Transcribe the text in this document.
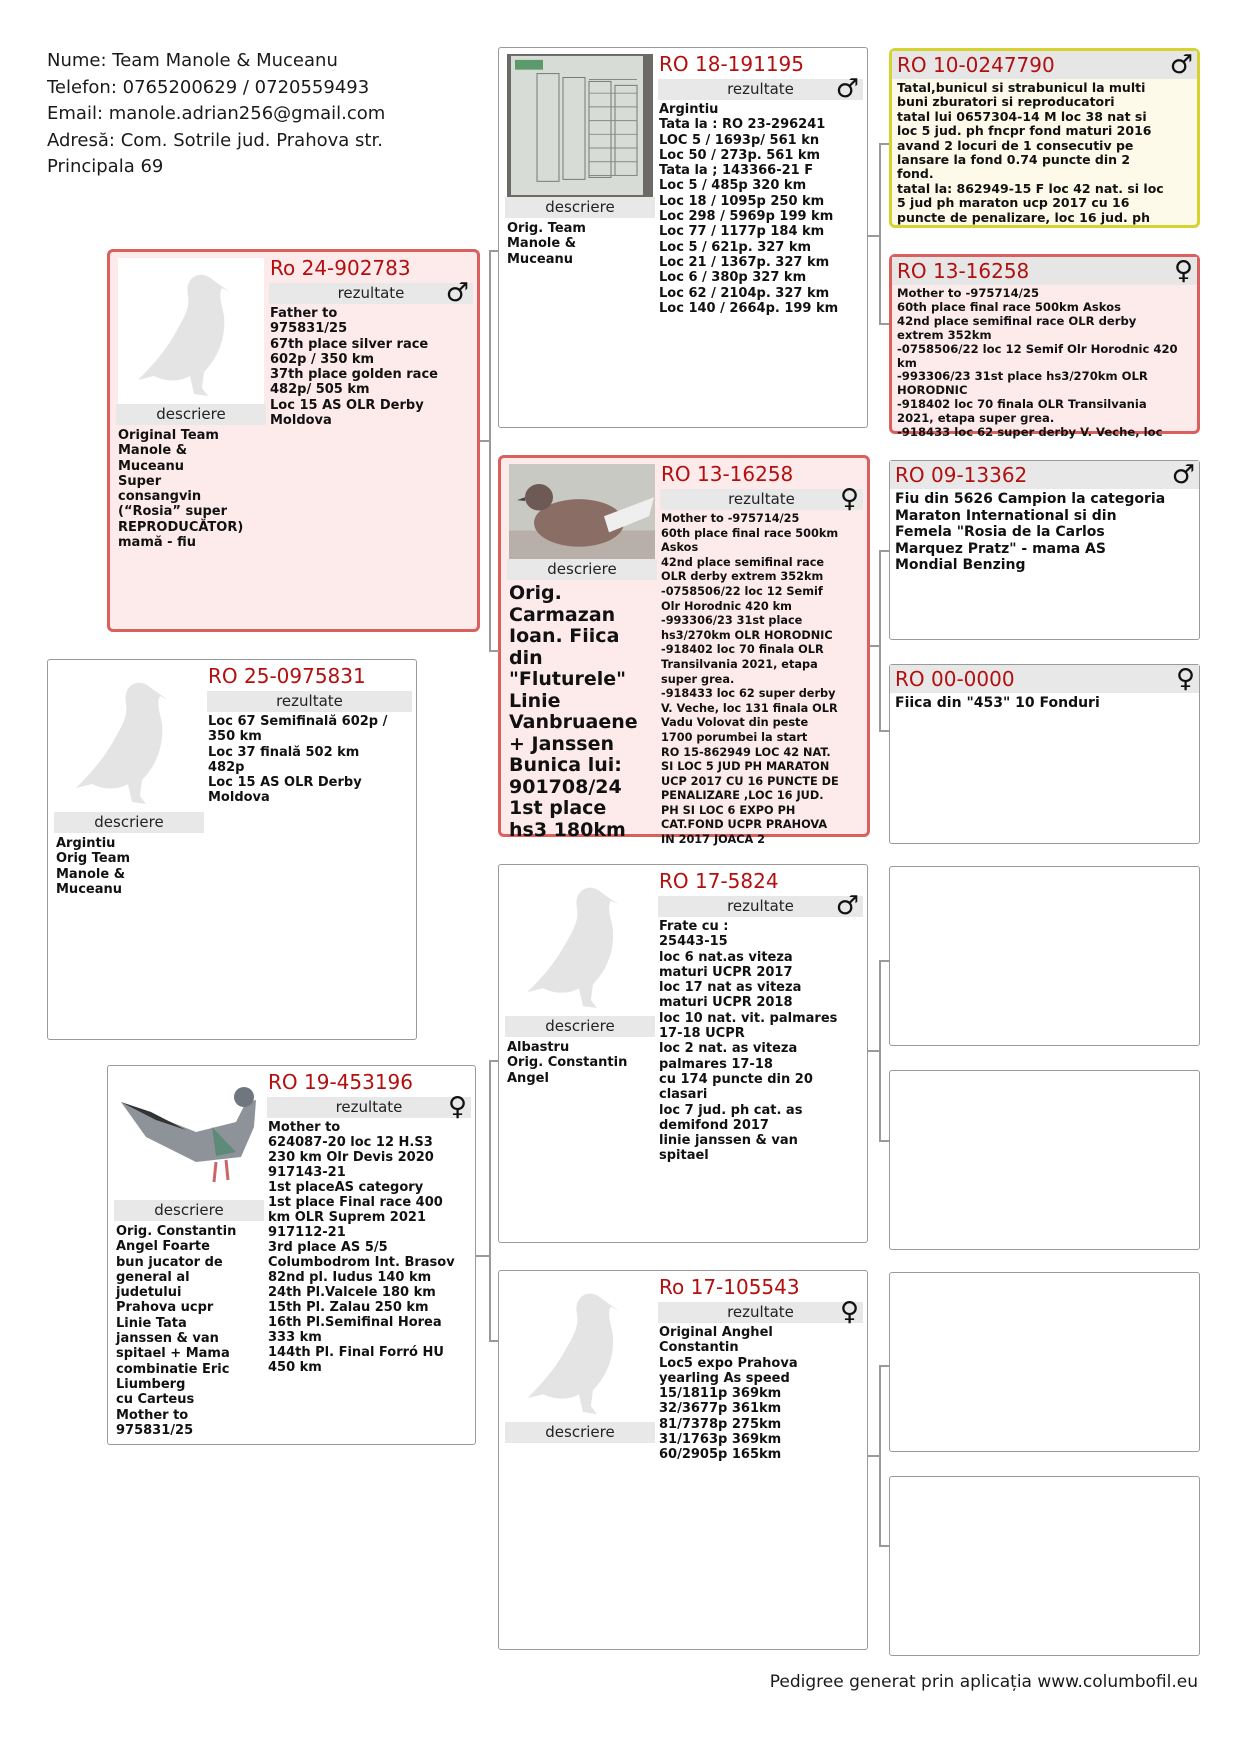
Nume: Team Manole & Muceanu
Telefon: 0765200629 / 0720559493
Email: manole.adrian256@gmail.com
Adresă: Com. Sotrile jud. Prahova str. Principala 69
Pedigree generat prin aplicația www.columbofil.eu
descriere
Original Team
Manole &
Muceanu
Super
consangvin
(“Rosia” super
REPRODUCĂTOR)
mamă - fiu
Ro 24-902783
rezultate ♂
Father to
975831/25
67th place silver race
602p / 350 km
37th place golden race
482p/ 505 km
Loc 15 AS OLR Derby
Moldova
descriere
Argintiu
Orig Team
Manole &
Muceanu
RO 25-0975831
rezultate
Loc 67 Semifinală 602p /
350 km
Loc 37 finală 502 km
482p
Loc 15 AS OLR Derby
Moldova
descriere
Orig. Constantin
Angel Foarte
bun jucator de
general al
judetului
Prahova ucpr
Linie Tata
janssen & van
spitael + Mama
combinatie Eric
Liumberg
cu Carteus
Mother to
975831/25
RO 19-453196
rezultate ♀
Mother to
624087-20 loc 12 H.S3
230 km Olr Devis 2020
917143-21
1st placeAS category
1st place Final race 400
km OLR Suprem 2021
917112-21
3rd place AS 5/5
Columbodrom Int. Brasov
82nd pl. Iudus 140 km
24th Pl.Valcele 180 km
15th Pl. Zalau 250 km
16th Pl.Semifinal Horea
333 km
144th Pl. Final Forró HU
450 km
descriere
Orig. Team
Manole &
Muceanu
RO 18-191195
rezultate ♂
Argintiu
Tata la : RO 23-296241
LOC 5 / 1693p/ 561 kn
Loc 50 / 273p. 561 km
Tata la ; 143366-21 F
Loc 5 / 485p 320 km
Loc 18 / 1095p 250 km
Loc 298 / 5969p 199 km
Loc 77 / 1177p 184 km
Loc 5 / 621p. 327 km
Loc 21 / 1367p. 327 km
Loc 6 / 380p 327 km
Loc 62 / 2104p. 327 km
Loc 140 / 2664p. 199 km
descriere
Orig.
Carmazan
Ioan. Fiica
din
"Fluturele"
Linie
Vanbruaene
+ Janssen
Bunica lui:
901708/24
1st place
hs3 180km
RO 13-16258
rezultate ♀
Mother to -975714/25
60th place final race 500km
Askos
42nd place semifinal race
OLR derby extrem 352km
-0758506/22 loc 12 Semif
Olr Horodnic 420 km
-993306/23 31st place
hs3/270km OLR HORODNIC
-918402 loc 70 finala OLR
Transilvania 2021, etapa
super grea.
-918433 loc 62 super derby
V. Veche, loc 131 finala OLR
Vadu Volovat din peste
1700 porumbei la start
RO 15-862949 LOC 42 NAT.
SI LOC 5 JUD PH MARATON
UCP 2017 CU 16 PUNCTE DE
PENALIZARE ,LOC 16 JUD.
PH SI LOC 6 EXPO PH
CAT.FOND UCPR PRAHOVA
IN 2017 JOACA 2
descriere
Albastru
Orig. Constantin
Angel
RO 17-5824
rezultate ♂
Frate cu :
25443-15
loc 6 nat.as viteza
maturi UCPR 2017
loc 17 nat as viteza
maturi UCPR 2018
loc 10 nat. vit. palmares
17-18 UCPR
loc 2 nat. as viteza
palmares 17-18
cu 174 puncte din 20
clasari
loc 7 jud. ph cat. as
demifond 2017
linie janssen & van
spitael
descriere
Ro 17-105543
rezultate ♀
Original Anghel
Constantin
Loc5 expo Prahova
yearling As speed
15/1811p 369km
32/3677p 361km
81/7378p 275km
31/1763p 369km
60/2905p 165km
RO 10-0247790	♂
Tatal,bunicul si strabunicul la multi
buni zburatori si reproducatori
tatal lui 0657304-14 M loc 38 nat si
loc 5 jud. ph fncpr fond maturi 2016
avand 2 locuri de 1 consecutiv pe
lansare la fond 0.74 puncte din 2
fond.
tatal la: 862949-15 F loc 42 nat. si loc
5 jud ph maraton ucp 2017 cu 16
puncte de penalizare, loc 16 jud. ph
RO 13-16258	♀
Mother to -975714/25
60th place final race 500km Askos
42nd place semifinal race OLR derby
extrem 352km
-0758506/22 loc 12 Semif Olr Horodnic 420
km
-993306/23 31st place hs3/270km OLR
HORODNIC
-918402 loc 70 finala OLR Transilvania
2021, etapa super grea.
-918433 loc 62 super derby V. Veche, loc
RO 09-13362	♂
Fiu din 5626 Campion la categoria
Maraton International si din
Femela "Rosia de la Carlos
Marquez Pratz" - mama AS
Mondial Benzing
RO 00-0000	♀
Fiica din "453" 10 Fonduri
